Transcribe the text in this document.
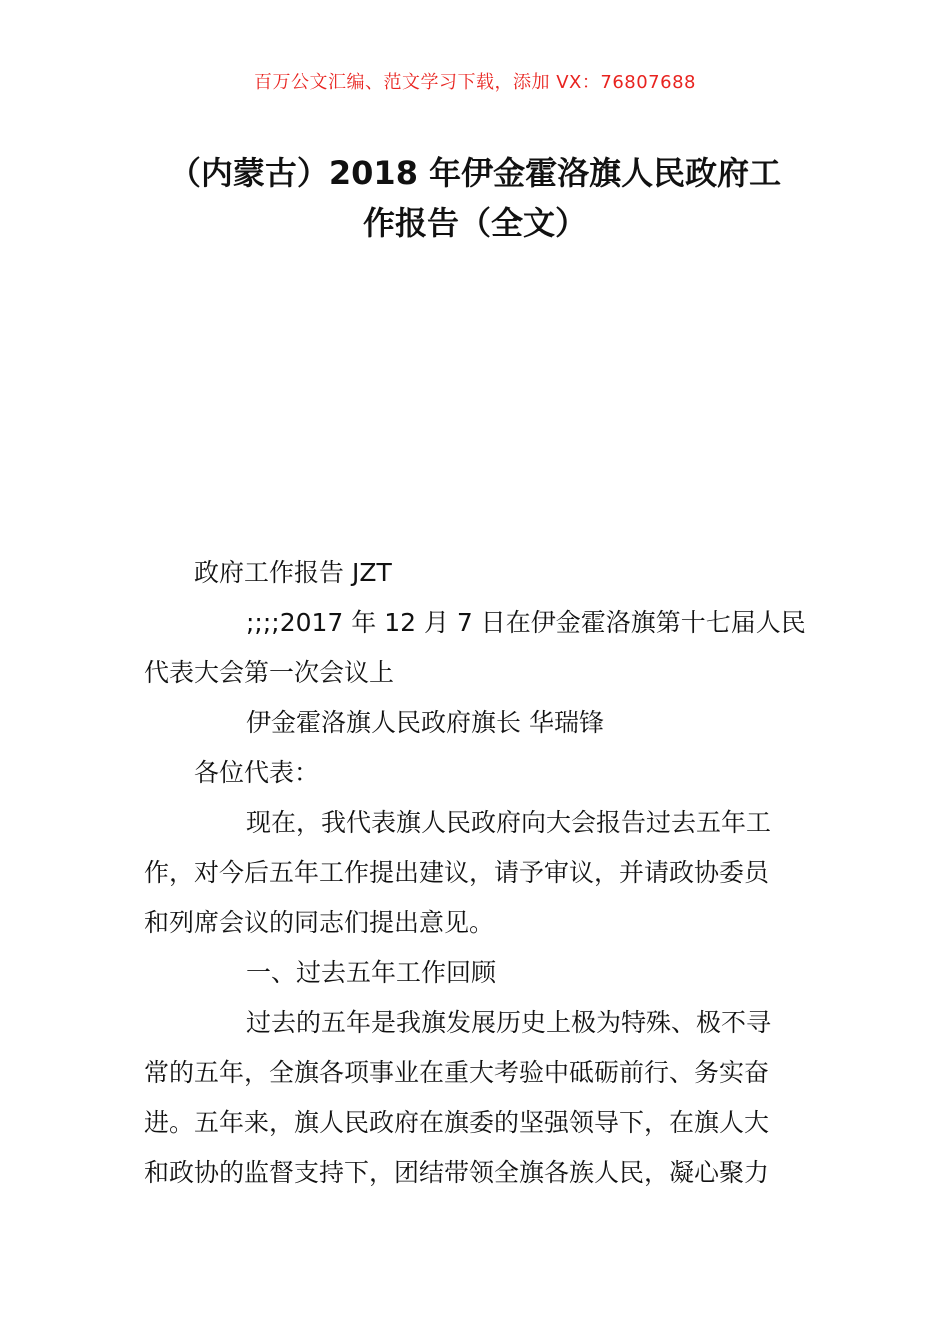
百万公文汇编、范文学习下载，添加 VX：76807688
（内蒙古）2018 年伊金霍洛旗人民政府工
作报告（全文）
政府工作报告 JZT
;;;;2017 年 12 月 7 日在伊金霍洛旗第十七届人民
代表大会第一次会议上
伊金霍洛旗人民政府旗长 华瑞锋
各位代表：
现在，我代表旗人民政府向大会报告过去五年工
作，对今后五年工作提出建议，请予审议，并请政协委员
和列席会议的同志们提出意见。
一、过去五年工作回顾
过去的五年是我旗发展历史上极为特殊、极不寻
常的五年，全旗各项事业在重大考验中砥砺前行、务实奋
进。五年来，旗人民政府在旗委的坚强领导下，在旗人大
和政协的监督支持下，团结带领全旗各族人民，凝心聚力
